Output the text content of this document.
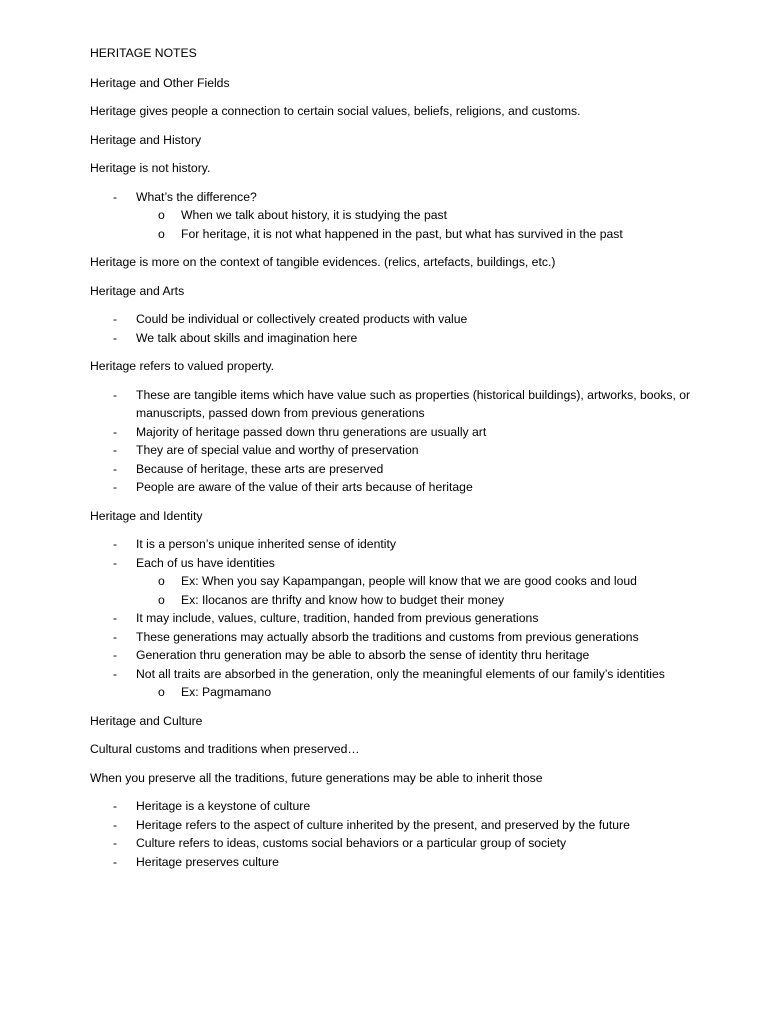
HERITAGE NOTES

Heritage and Other Fields

Heritage gives people a connection to certain social values, beliefs, religions, and customs.

Heritage and History

Heritage is not history.

- What’s the difference?
o When we talk about history, it is studying the past
o For heritage, it is not what happened in the past, but what has survived in the past

Heritage is more on the context of tangible evidences. (relics, artefacts, buildings, etc.)

Heritage and Arts

- Could be individual or collectively created products with value
- We talk about skills and imagination here

Heritage refers to valued property.

- These are tangible items which have value such as properties (historical buildings), artworks, books, or manuscripts, passed down from previous generations
- Majority of heritage passed down thru generations are usually art
- They are of special value and worthy of preservation
- Because of heritage, these arts are preserved
- People are aware of the value of their arts because of heritage

Heritage and Identity

- It is a person’s unique inherited sense of identity
- Each of us have identities
o Ex: When you say Kapampangan, people will know that we are good cooks and loud
o Ex: Ilocanos are thrifty and know how to budget their money
- It may include, values, culture, tradition, handed from previous generations
- These generations may actually absorb the traditions and customs from previous generations
- Generation thru generation may be able to absorb the sense of identity thru heritage
- Not all traits are absorbed in the generation, only the meaningful elements of our family’s identities
o Ex: Pagmamano

Heritage and Culture

Cultural customs and traditions when preserved…

When you preserve all the traditions, future generations may be able to inherit those

- Heritage is a keystone of culture
- Heritage refers to the aspect of culture inherited by the present, and preserved by the future
- Culture refers to ideas, customs social behaviors or a particular group of society
- Heritage preserves culture
